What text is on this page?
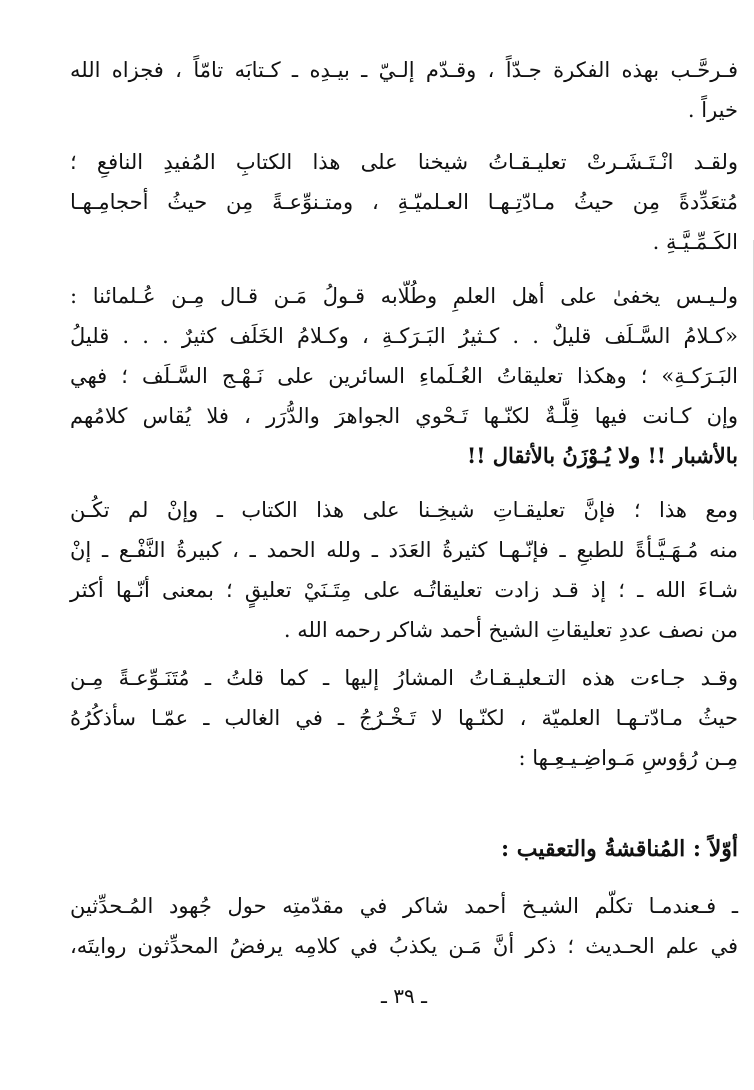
فـرحَّـب بهذه الفكرة جـدّاً ، وقـدّم إلـيّ ـ بيـدِه ـ كـتابَه تامّاً ، فجزاه الله
خيراً .
ولقـد انْـتَـشَـرتْ تعليـقـاتُ شيخنا على هذا الكتابِ المُفيدِ النافعِ ؛
مُتعَدِّدةً مِن حيثُ مـادّتِـهـا العـلميّـةِ ، ومتـنوِّعـةً مِن حيثُ أحجامِـهـا
الكَـمِّـيَّـةِ .
ولـيـس يخفىٰ على أهل العلمِ وطُلّابه قـولُ مَـن قـال مِـن عُـلمائنا :
«كـلامُ السَّـلَف قليلٌ . . كـثيرُ البَـرَكـةِ ، وكـلامُ الخَلَف كثيرٌ . . . قليلُ
البَـرَكـةِ» ؛ وهكذا تعليقاتُ العُـلَماءِ السائرين على نَـهْـج السَّـلَف ؛ فهي
وإن كـانت فيها قِلَّـةٌ لكنّـها تَـحْوي الجواهرَ والدُّرَر ، فلا يُقاس كلامُهم
بالأشبار !! ولا يُـوْزَنُ بالأثقال !!
ومع هذا ؛ فإنَّ تعليقـاتِ شيخِـنا على هذا الكتاب ـ وإنْ لم تكُـن
منه مُـهَـيَّـأةً للطبعِ ـ فإنّـهـا كثيرةُ العَدَد ـ ولله الحمد ـ ، كبيرةُ النَّفْـع ـ إنْ
شـاءَ الله ـ ؛ إذ قـد زادت تعليقاتُـه على مِتَـنَيْ تعليقٍ ؛ بمعنى أنّـها أكثر
من نصف عددِ تعليقاتِ الشيخ أحمد شاكر رحمه الله .
وقـد جـاءت هذه التـعليـقـاتُ المشارُ إليها ـ كما قلتُ ـ مُتَنَـوِّعـةً مِـن
حيثُ مـادّتـهـا العلميّة ، لكنّـها لا تَـخْـرُجُ ـ في الغالب ـ عمّـا سأذكُرُهُ
مِـن رُؤوسِ مَـواضِـيـعِـها :
أوّلاً : المُناقشةُ والتعقيب :
ـ فـعندمـا تكلّم الشيـخ أحمد شاكر في مقدّمتِه حول جُهود المُـحدِّثين
في علم الحـديث ؛ ذكر أنَّ مَـن يكذبُ في كلامِه يرفضُ المحدِّثون روايتَه،
ـ ٣٩ ـ
